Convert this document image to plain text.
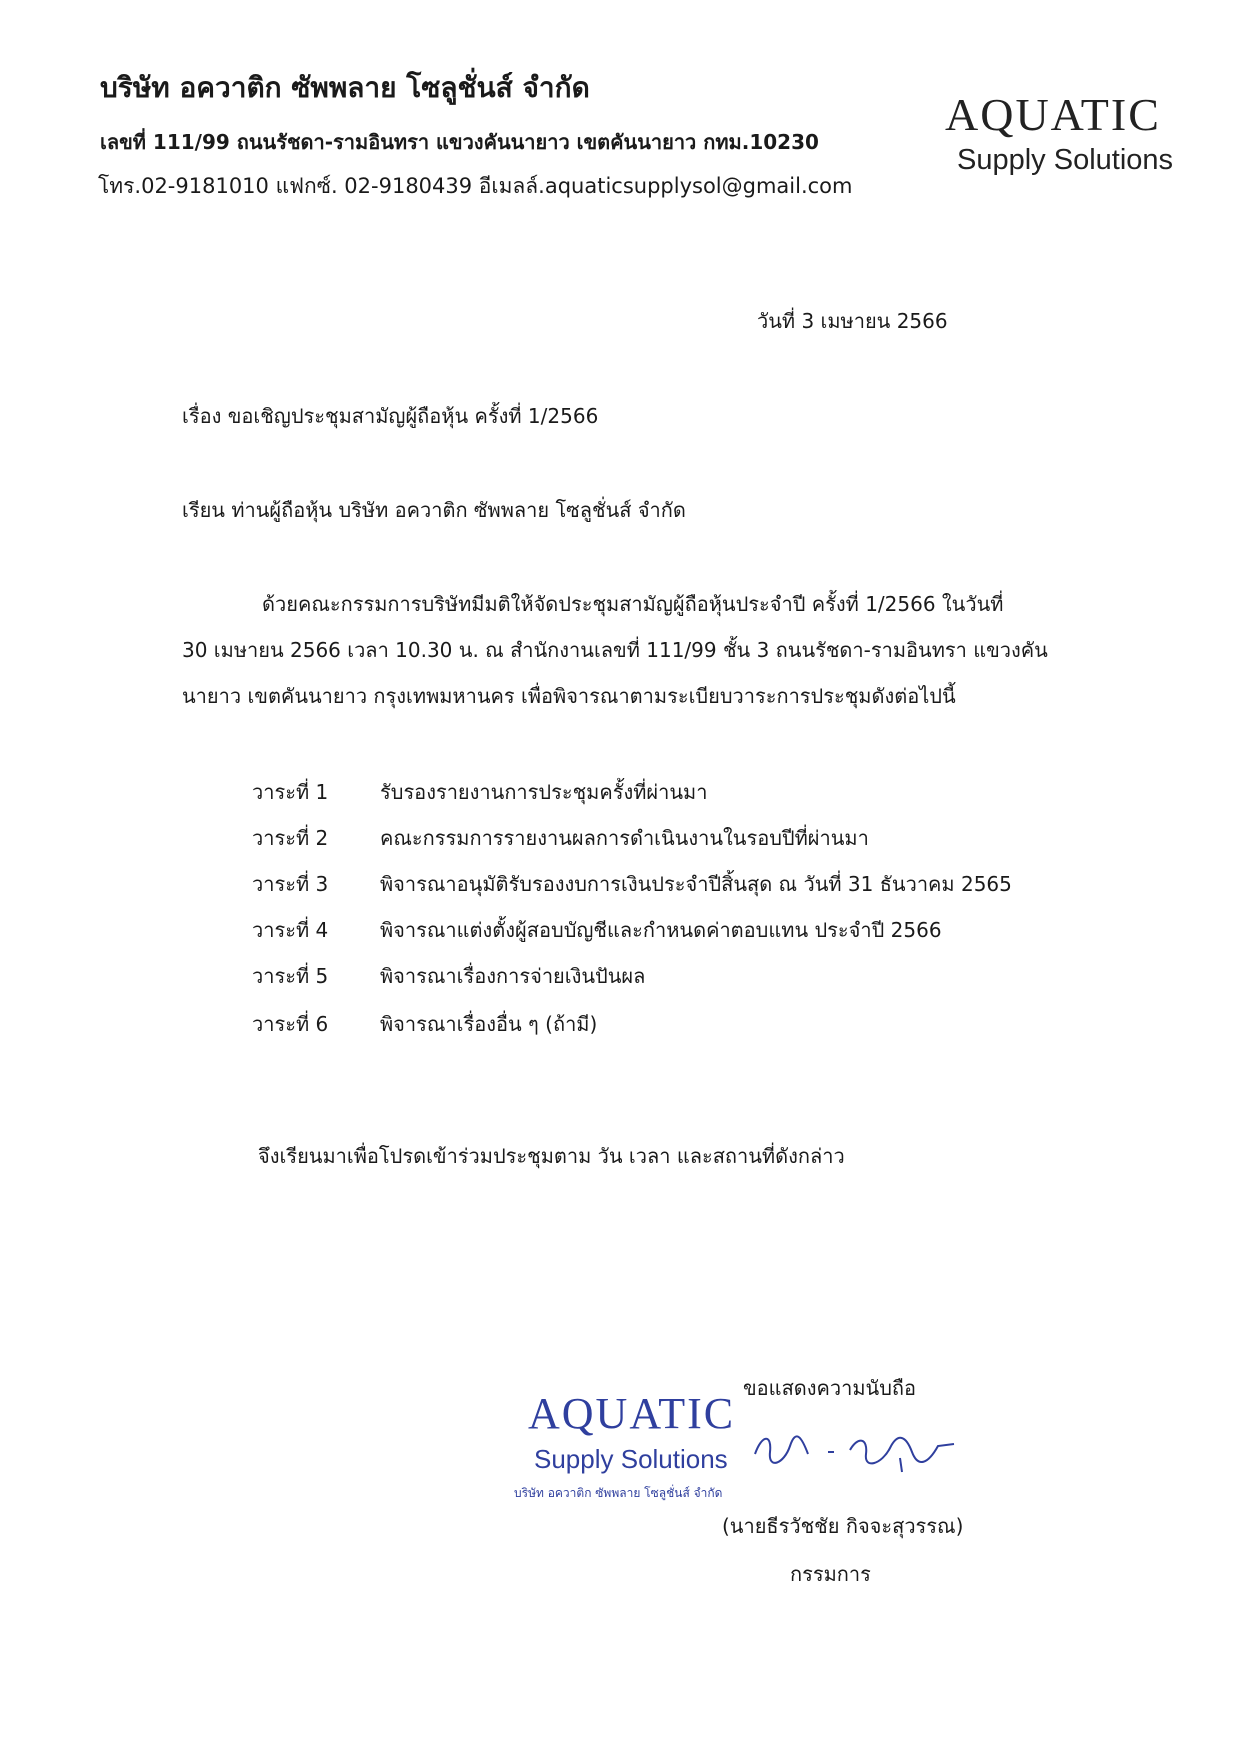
บริษัท อควาติก ซัพพลาย โซลูชั่นส์ จำกัด
เลขที่ 111/99 ถนนรัชดา-รามอินทรา แขวงคันนายาว เขตคันนายาว กทม.10230
โทร.02-9181010 แฟกซ์. 02-9180439 อีเมลล์.aquaticsupplysol@gmail.com
AQUATIC
Supply Solutions
วันที่ 3 เมษายน 2566
เรื่อง ขอเชิญประชุมสามัญผู้ถือหุ้น ครั้งที่ 1/2566
เรียน ท่านผู้ถือหุ้น บริษัท อควาติก ซัพพลาย โซลูชั่นส์ จำกัด
ด้วยคณะกรรมการบริษัทมีมติให้จัดประชุมสามัญผู้ถือหุ้นประจำปี ครั้งที่ 1/2566 ในวันที่
30 เมษายน 2566 เวลา 10.30 น. ณ สำนักงานเลขที่ 111/99 ชั้น 3 ถนนรัชดา-รามอินทรา แขวงคัน
นายาว เขตคันนายาว กรุงเทพมหานคร เพื่อพิจารณาตามระเบียบวาระการประชุมดังต่อไปนี้
วาระที่ 1	รับรองรายงานการประชุมครั้งที่ผ่านมา
วาระที่ 2	คณะกรรมการรายงานผลการดำเนินงานในรอบปีที่ผ่านมา
วาระที่ 3	พิจารณาอนุมัติรับรองงบการเงินประจำปีสิ้นสุด ณ วันที่ 31 ธันวาคม 2565
วาระที่ 4	พิจารณาแต่งตั้งผู้สอบบัญชีและกำหนดค่าตอบแทน ประจำปี 2566
วาระที่ 5	พิจารณาเรื่องการจ่ายเงินปันผล
วาระที่ 6	พิจารณาเรื่องอื่น ๆ (ถ้ามี)
จึงเรียนมาเพื่อโปรดเข้าร่วมประชุมตาม วัน เวลา และสถานที่ดังกล่าว
ขอแสดงความนับถือ
AQUATIC
Supply Solutions
บริษัท อควาติก ซัพพลาย โซลูชั่นส์ จำกัด
(นายธีรวัชชัย กิจจะสุวรรณ)
กรรมการ
